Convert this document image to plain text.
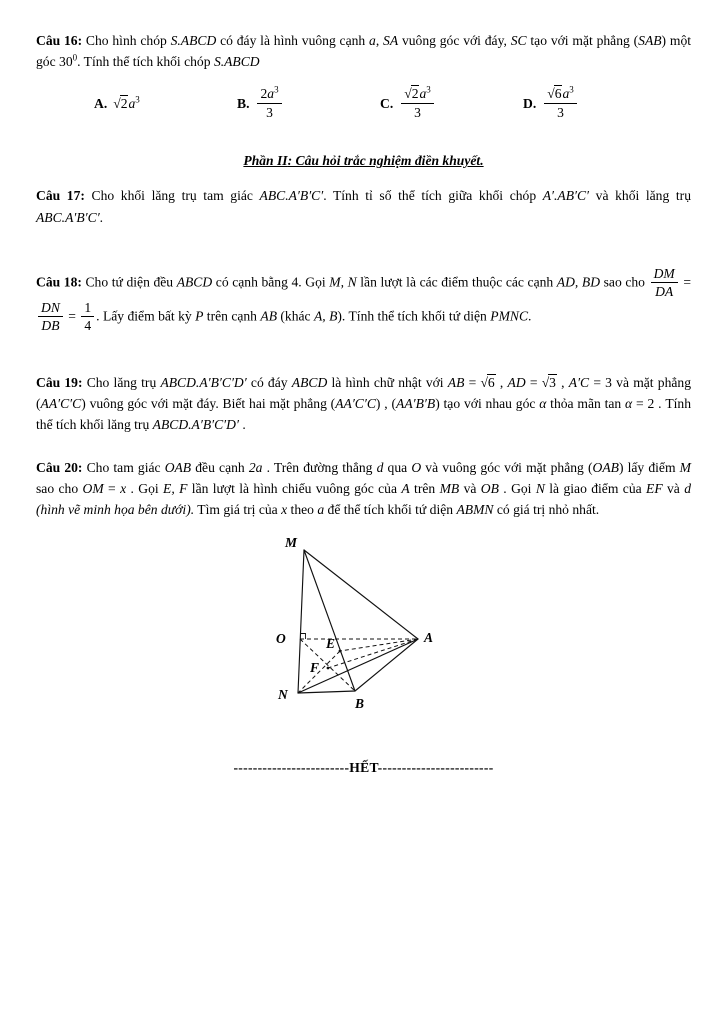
Câu 16: Cho hình chóp S.ABCD có đáy là hình vuông cạnh a, SA vuông góc với đáy, SC tạo với mặt phẳng (SAB) một góc $30^0$. Tính thể tích khối chóp S.ABCD

A. $√2a^3$	B. $\frac{2a^3}{3}$	C. $\frac{√2a^3}{3}$	D. $\frac{√6a^3}{3}$
Phần II: Câu hỏi trắc nghiệm điền khuyết.

Câu 17: Cho khối lăng trụ tam giác ABC.A′B′C′. Tính tỉ số thể tích giữa khối chóp A′.AB′C′ và khối lăng trụ ABC.A′B′C′.

Câu 18: Cho tứ diện đều ABCD có cạnh bằng 4. Gọi M, N lần lượt là các điểm thuộc các cạnh AD, BD sao cho $\frac{DM}{DA}$ =
$\frac{DN}{DB} = \frac{1}{4}$ . Lấy điểm bất kỳ P trên cạnh AB (khác A, B). Tính thể tích khối tứ diện PMNC.

Câu 19: Cho lăng trụ ABCD.A′B′C′D′ có đáy ABCD là hình chữ nhật với AB = √6 , AD = √3 , A′C = 3 và mặt phẳng (AA′C′C) vuông góc với mặt đáy. Biết hai mặt phẳng (AA′C′C) , (AA′B′B) tạo với nhau góc α thỏa mãn tan α = 2 . Tính thể tích khối lăng trụ ABCD.A′B′C′D′ .

Câu 20: Cho tam giác OAB đều cạnh 2a . Trên đường thẳng d qua O và vuông góc với mặt phẳng (OAB) lấy điểm M sao cho OM = x . Gọi E, F lần lượt là hình chiếu vuông góc của A trên MB và OB . Gọi N là giao điểm của EF và d (hình vẽ minh họa bên dưới). Tìm giá trị của x theo a để thể tích khối tứ diện ABMN có giá trị nhỏ nhất.

M
O	A
E
F
N
B

------------------------HẾT------------------------
